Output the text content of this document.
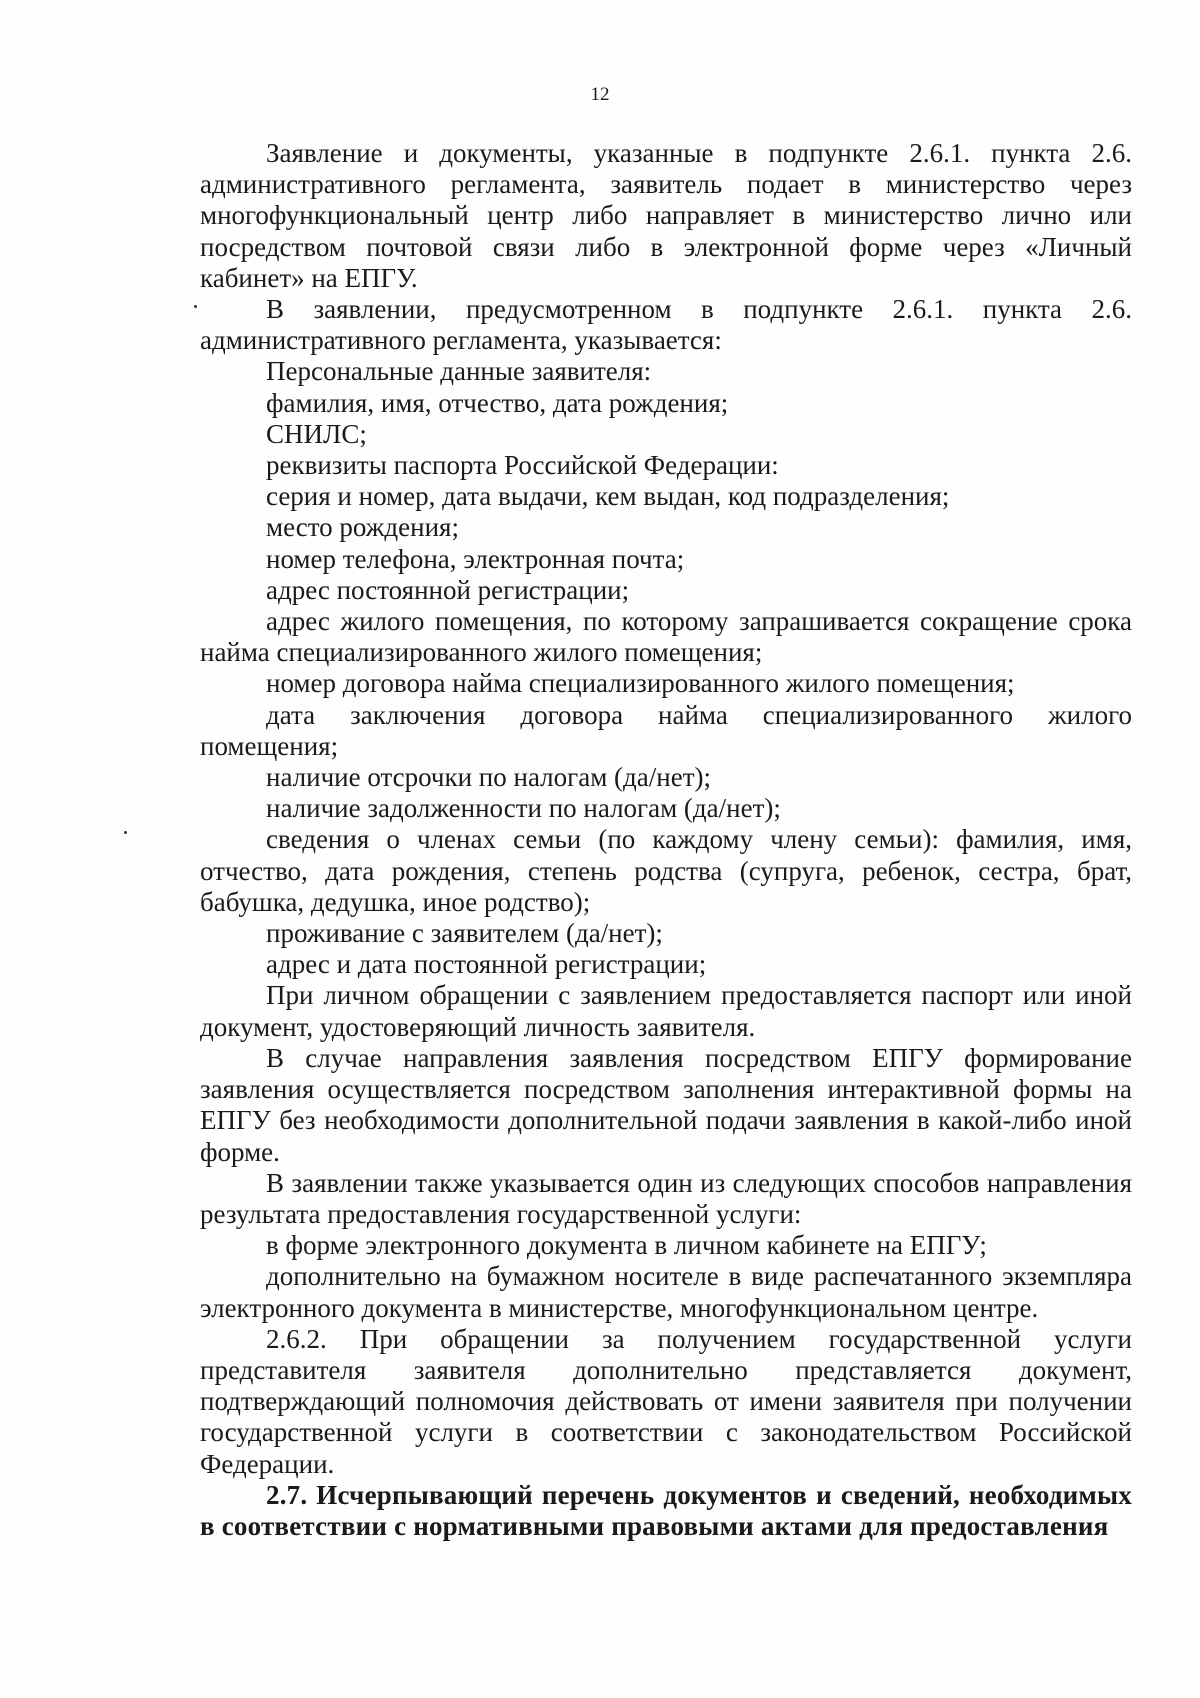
12

Заявление и документы, указанные в подпункте 2.6.1. пункта 2.6. административного регламента, заявитель подает в министерство через многофункциональный центр либо направляет в министерство лично или посредством почтовой связи либо в электронной форме через «Личный кабинет» на ЕПГУ.

В заявлении, предусмотренном в подпункте 2.6.1. пункта 2.6. административного регламента, указывается:

Персональные данные заявителя:

фамилия, имя, отчество, дата рождения;

СНИЛС;

реквизиты паспорта Российской Федерации:

серия и номер, дата выдачи, кем выдан, код подразделения;

место рождения;

номер телефона, электронная почта;

адрес постоянной регистрации;

адрес жилого помещения, по которому запрашивается сокращение срока найма специализированного жилого помещения;

номер договора найма специализированного жилого помещения;

дата заключения договора найма специализированного жилого помещения;

наличие отсрочки по налогам (да/нет);

наличие задолженности по налогам (да/нет);

сведения о членах семьи (по каждому члену семьи): фамилия, имя, отчество, дата рождения, степень родства (супруга, ребенок, сестра, брат, бабушка, дедушка, иное родство);

проживание с заявителем (да/нет);

адрес и дата постоянной регистрации;

При личном обращении с заявлением предоставляется паспорт или иной документ, удостоверяющий личность заявителя.

В случае направления заявления посредством ЕПГУ формирование заявления осуществляется посредством заполнения интерактивной формы на ЕПГУ без необходимости дополнительной подачи заявления в какой-либо иной форме.

В заявлении также указывается один из следующих способов направления результата предоставления государственной услуги:

в форме электронного документа в личном кабинете на ЕПГУ;

дополнительно на бумажном носителе в виде распечатанного экземпляра электронного документа в министерстве, многофункциональном центре.

2.6.2. При обращении за получением государственной услуги представителя заявителя дополнительно представляется документ, подтверждающий полномочия действовать от имени заявителя при получении государственной услуги в соответствии с законодательством Российской Федерации.

2.7. Исчерпывающий перечень документов и сведений, необходимых в соответствии с нормативными правовыми актами для предоставления
